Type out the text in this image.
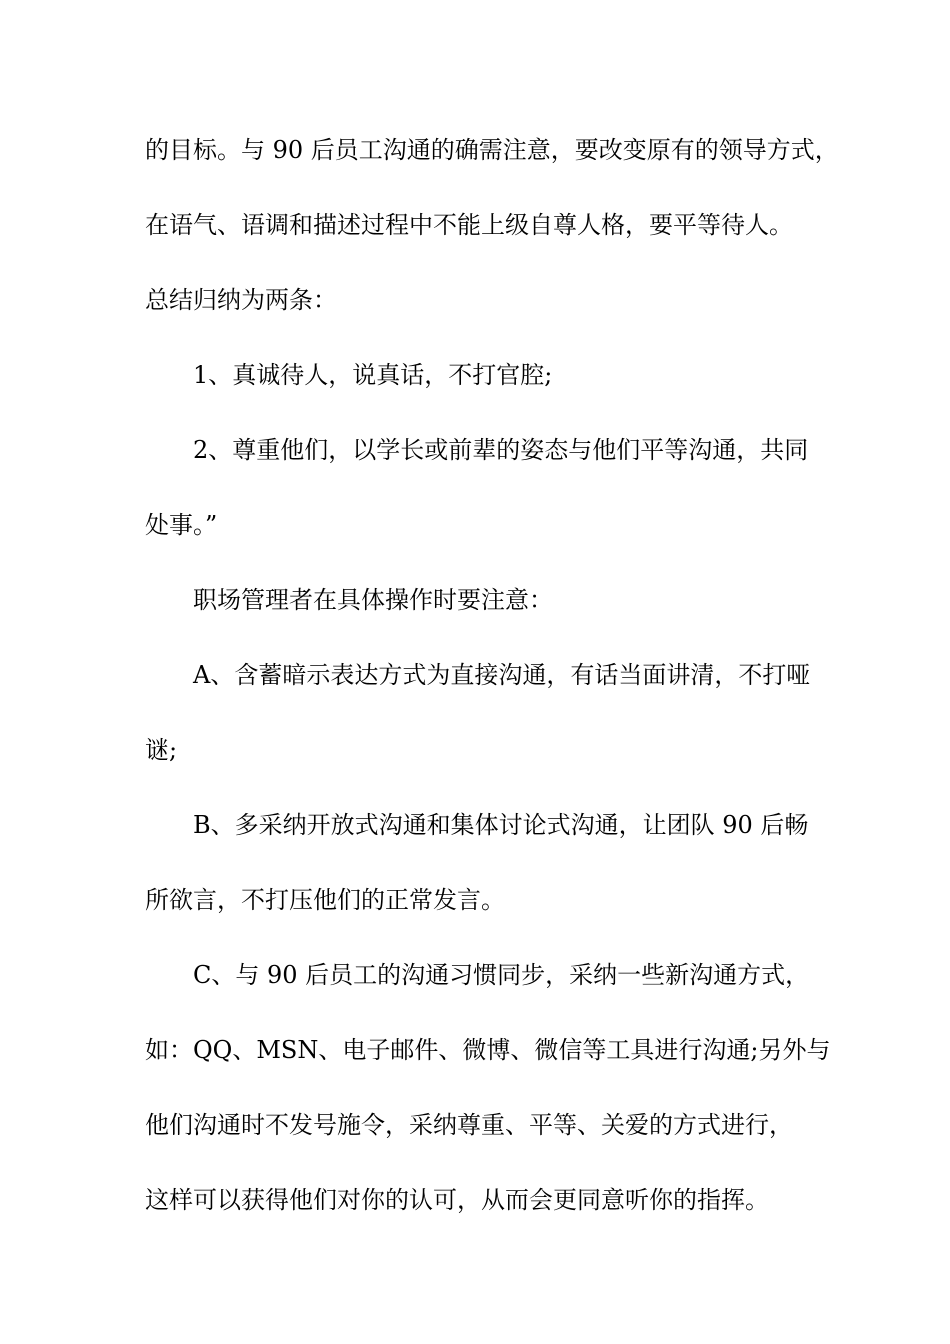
的目标。与 90 后员工沟通的确需注意，要改变原有的领导方式，
在语气、语调和描述过程中不能上级自尊人格，要平等待人。
总结归纳为两条：
1、真诚待人，说真话，不打官腔;
2、尊重他们，以学长或前辈的姿态与他们平等沟通，共同
处事。”
职场管理者在具体操作时要注意：
A、含蓄暗示表达方式为直接沟通，有话当面讲清，不打哑
谜;
B、多采纳开放式沟通和集体讨论式沟通，让团队 90 后畅
所欲言，不打压他们的正常发言。
C、与 90 后员工的沟通习惯同步，采纳一些新沟通方式，
如：QQ、MSN、电子邮件、微博、微信等工具进行沟通;另外与
他们沟通时不发号施令，采纳尊重、平等、关爱的方式进行，
这样可以获得他们对你的认可，从而会更同意听你的指挥。
